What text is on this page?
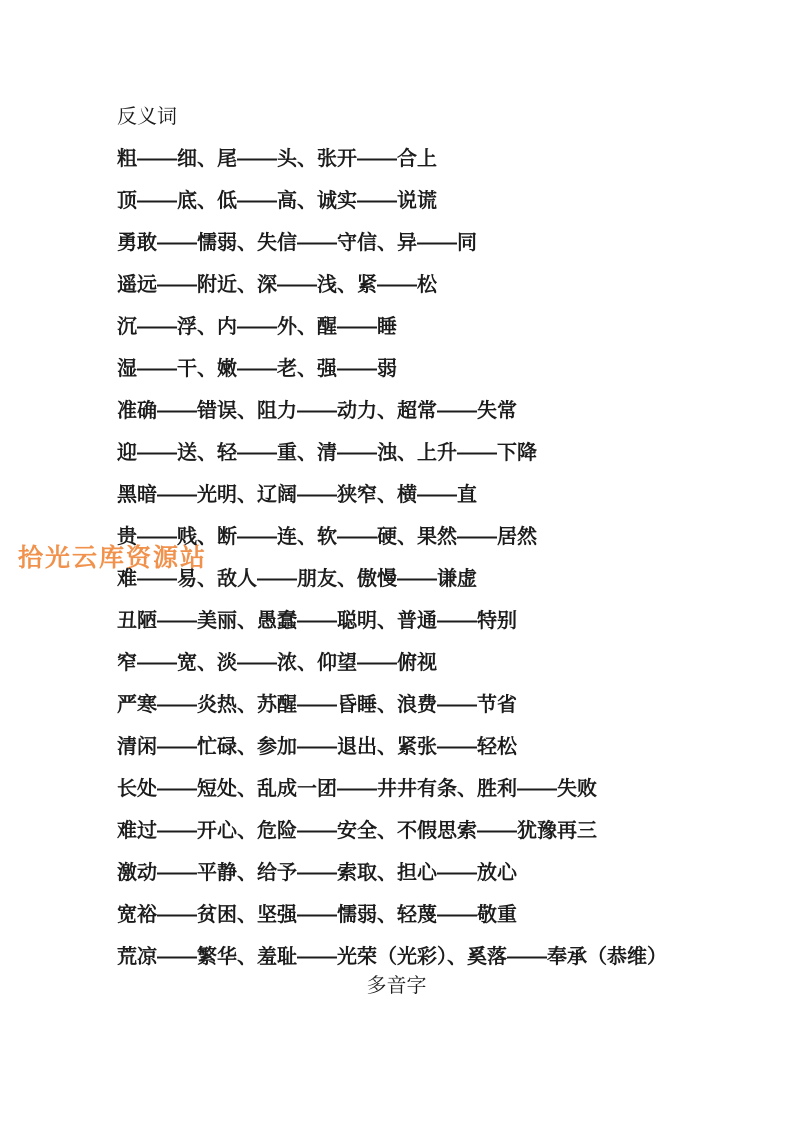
拾光云库资源站
反义词
粗——细、尾——头、张开——合上
顶——底、低——高、诚实——说谎
勇敢——懦弱、失信——守信、异——同
遥远——附近、深——浅、紧——松
沉——浮、内——外、醒——睡
湿——干、嫩——老、强——弱
准确——错误、阻力——动力、超常——失常
迎——送、轻——重、清——浊、上升——下降
黑暗——光明、辽阔——狭窄、横——直
贵——贱、断——连、软——硬、果然——居然
难——易、敌人——朋友、傲慢——谦虚
丑陋——美丽、愚蠢——聪明、普通——特别
窄——宽、淡——浓、仰望——俯视
严寒——炎热、苏醒——昏睡、浪费——节省
清闲——忙碌、参加——退出、紧张——轻松
长处——短处、乱成一团——井井有条、胜利——失败
难过——开心、危险——安全、不假思索——犹豫再三
激动——平静、给予——索取、担心——放心
宽裕——贫困、坚强——懦弱、轻蔑——敬重
荒凉——繁华、羞耻——光荣（光彩）、奚落——奉承（恭维）
多音字
